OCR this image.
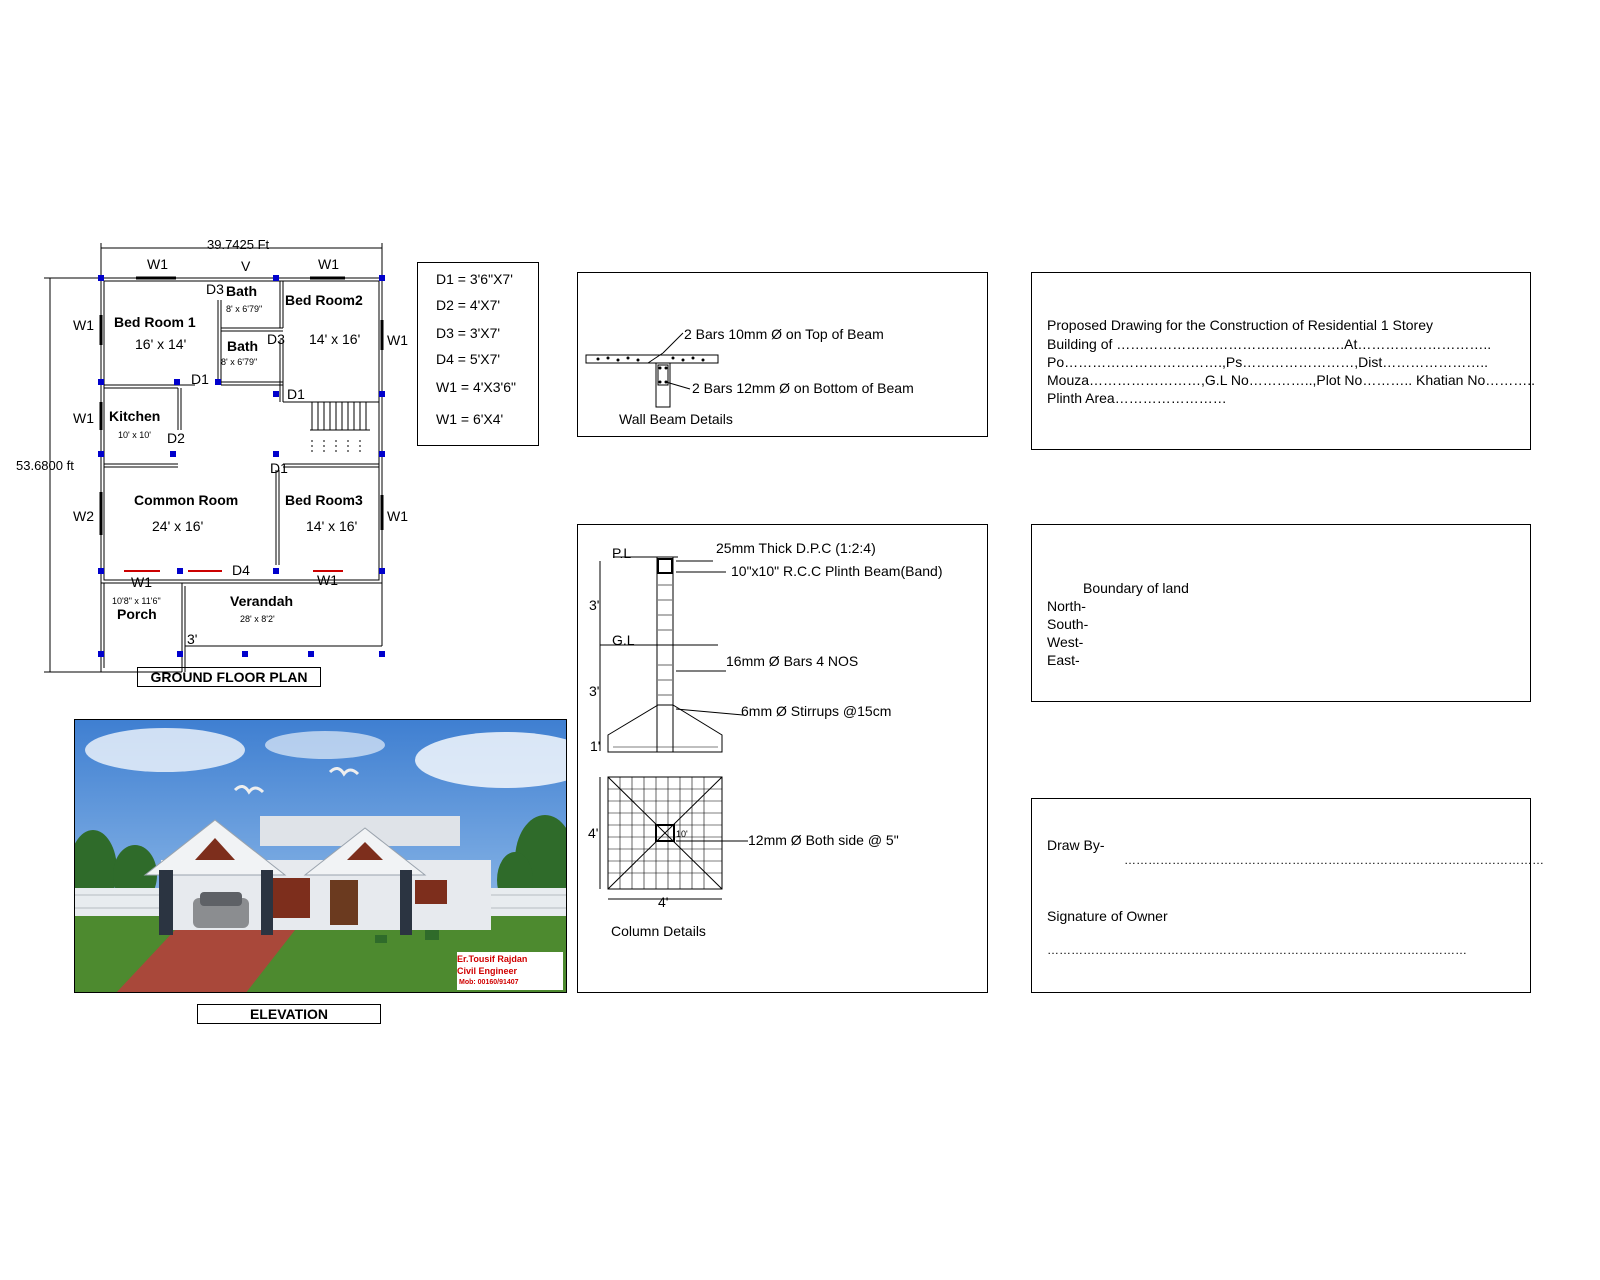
39.7425 Ft
53.6800 ft
W1	V	W1
D3
D3
W1
W1
W2
W1
W1
D1
D2
D1
D1
D4
W1	W1
3'
Bed Room 1
16' x 14'
Bath
8' x 6'79"
Bath
8' x 6'79"
Bed Room2
14' x 16'
Kitchen
10' x 10'
Common Room
24' x 16'
Bed Room3
14' x 16'
10'8" x 11'6"
Porch
Verandah
28' x 8'2'
GROUND FLOOR PLAN
D1 = 3'6"X7'
D2 = 4'X7'
D3 = 3'X7'
D4 = 5'X7'
W1 = 4'X3'6"
W1 = 6'X4'
Er.Tousif Rajdan
Civil Engineer
Mob: 00160/91407
ELEVATION
2 Bars 10mm Ø on Top of Beam
2 Bars 12mm Ø on Bottom of Beam
Wall Beam Details
25mm Thick D.P.C (1:2:4)
10"x10" R.C.C Plinth Beam(Band)
P.L
G.L
16mm Ø Bars 4 NOS
6mm Ø Stirrups @15cm
3'
3'
1'
4'
4'
10'	12mm Ø Both side @ 5"
Column Details
Proposed Drawing for the Construction of Residential 1 Storey
Building of ………………………………………….At………………………..
Po…………………………….,Ps……………………,Dist…………………..
Mouza……………………,G.L No…………..,Plot No……….. Khatian No………..
Plinth Area……………………
Boundary of land
North-
South-
West-
East-
Draw By-
……………………………………………………………………………………………
Signature of Owner
……………………………………………………………………………………………
